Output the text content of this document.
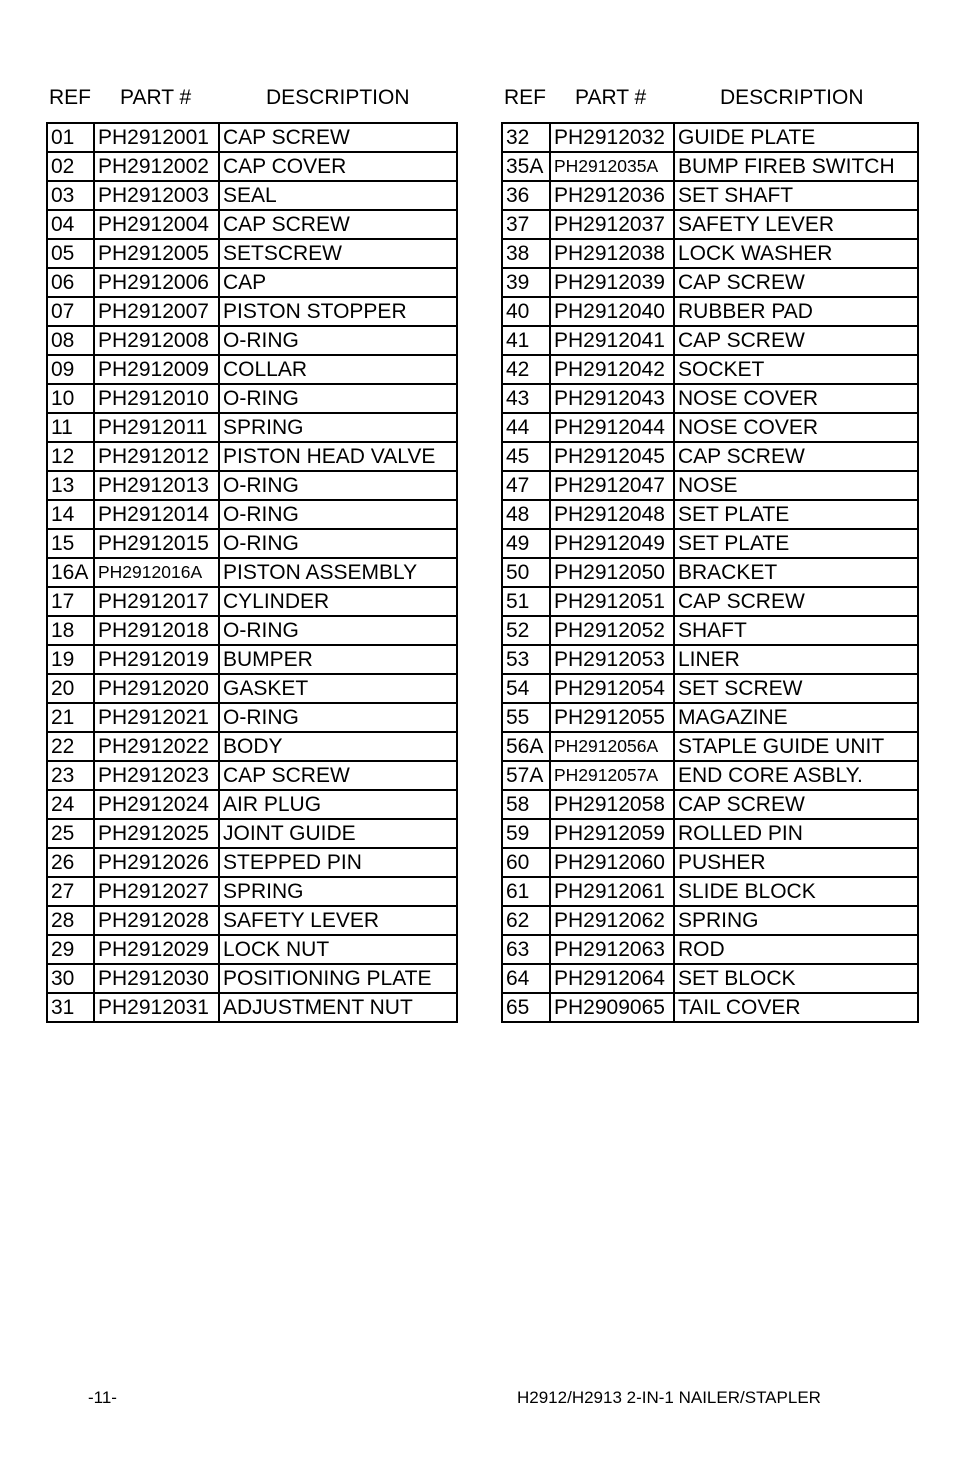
REF PART #	DESCRIPTION	REF PART #	DESCRIPTION
01	PH2912001	CAP SCREW
02	PH2912002	CAP COVER
03	PH2912003	SEAL
04	PH2912004	CAP SCREW
05	PH2912005	SETSCREW
06	PH2912006	CAP
07	PH2912007	PISTON STOPPER
08	PH2912008	O-RING
09	PH2912009	COLLAR
10	PH2912010	O-RING
11	PH2912011	SPRING
12	PH2912012	PISTON HEAD VALVE
13	PH2912013	O-RING
14	PH2912014	O-RING
15	PH2912015	O-RING
16A	PH2912016A	PISTON ASSEMBLY
17	PH2912017	CYLINDER
18	PH2912018	O-RING
19	PH2912019	BUMPER
20	PH2912020	GASKET
21	PH2912021	O-RING
22	PH2912022	BODY
23	PH2912023	CAP SCREW
24	PH2912024	AIR PLUG
25	PH2912025	JOINT GUIDE
26	PH2912026	STEPPED PIN
27	PH2912027	SPRING
28	PH2912028	SAFETY LEVER
29	PH2912029	LOCK NUT
30	PH2912030	POSITIONING PLATE
31	PH2912031	ADJUSTMENT NUT
32	PH2912032	GUIDE PLATE
35A	PH2912035A	BUMP FIREB SWITCH
36	PH2912036	SET SHAFT
37	PH2912037	SAFETY LEVER
38	PH2912038	LOCK WASHER
39	PH2912039	CAP SCREW
40	PH2912040	RUBBER PAD
41	PH2912041	CAP SCREW
42	PH2912042	SOCKET
43	PH2912043	NOSE COVER
44	PH2912044	NOSE COVER
45	PH2912045	CAP SCREW
47	PH2912047	NOSE
48	PH2912048	SET PLATE
49	PH2912049	SET PLATE
50	PH2912050	BRACKET
51	PH2912051	CAP SCREW
52	PH2912052	SHAFT
53	PH2912053	LINER
54	PH2912054	SET SCREW
55	PH2912055	MAGAZINE
56A	PH2912056A	STAPLE GUIDE UNIT
57A	PH2912057A	END CORE ASBLY.
58	PH2912058	CAP SCREW
59	PH2912059	ROLLED PIN
60	PH2912060	PUSHER
61	PH2912061	SLIDE BLOCK
62	PH2912062	SPRING
63	PH2912063	ROD
64	PH2912064	SET BLOCK
65	PH2909065	TAIL COVER
-11-	H2912/H2913 2-IN-1 NAILER/STAPLER
